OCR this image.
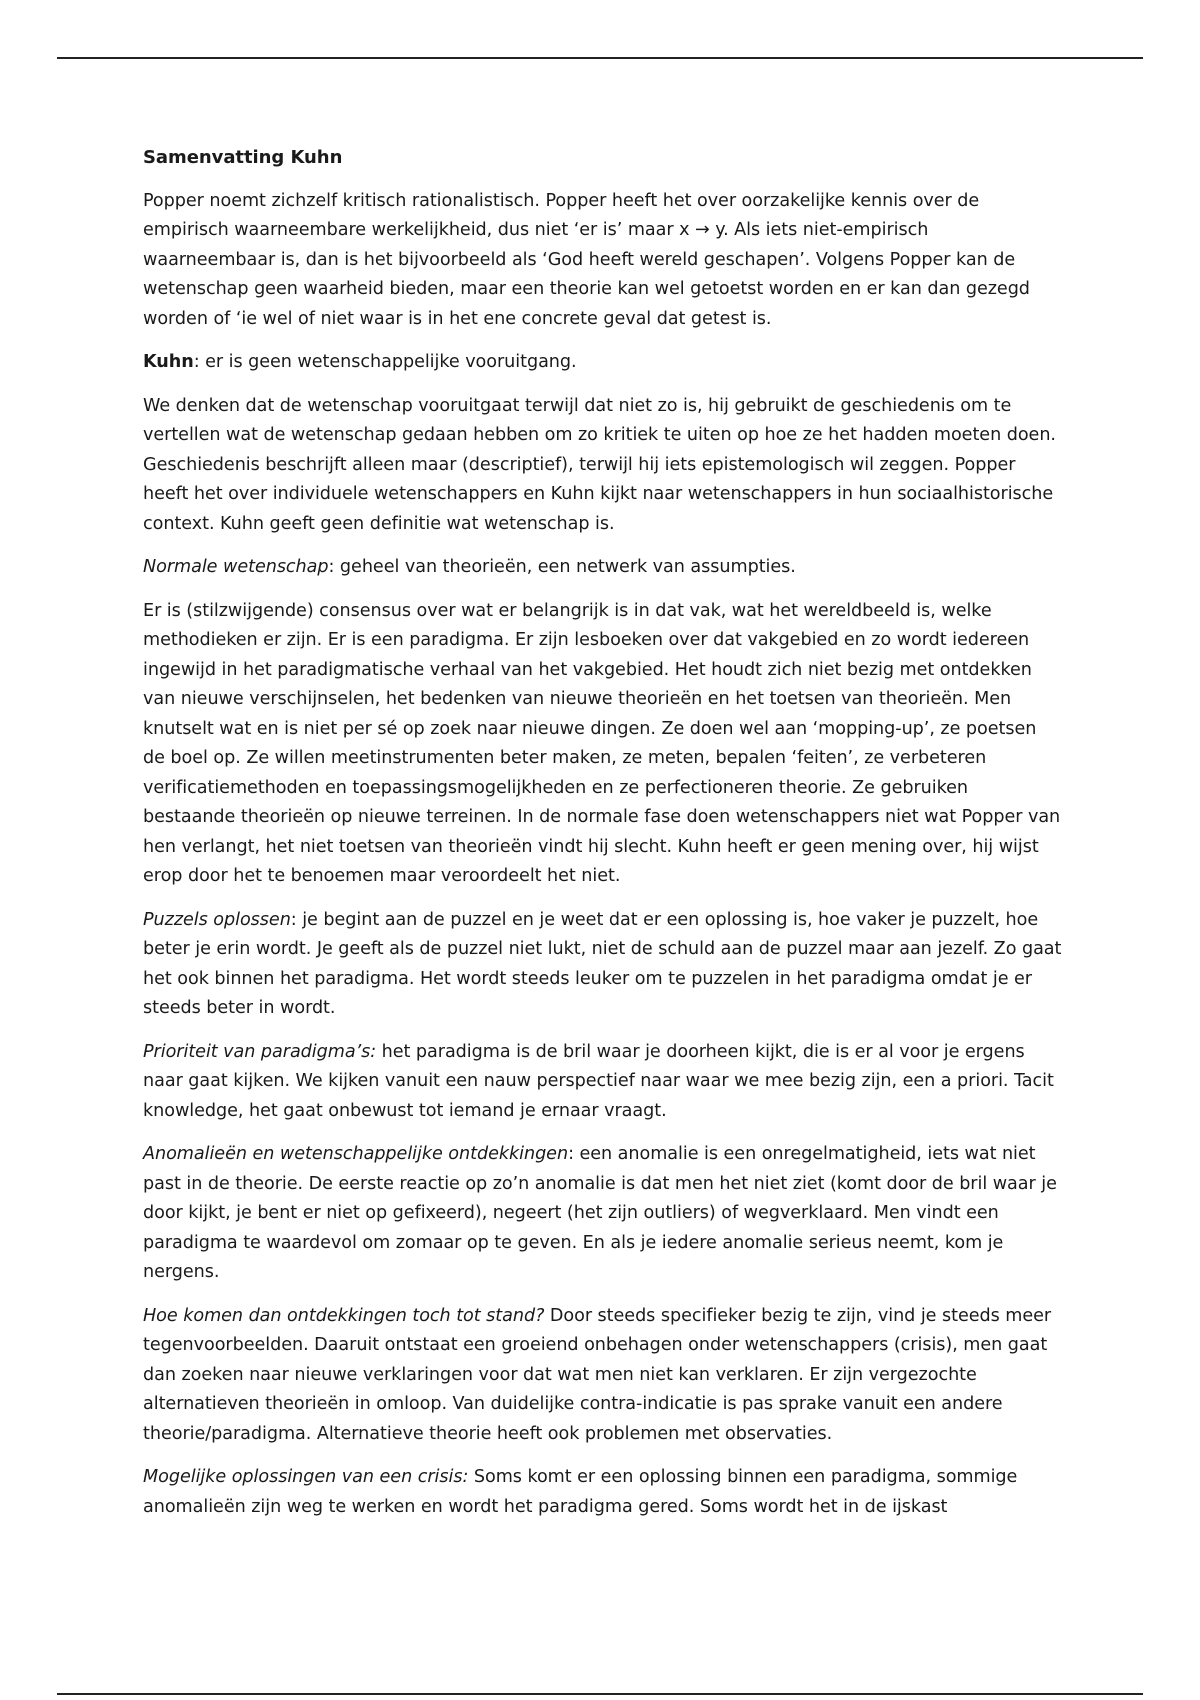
Samenvatting Kuhn

Popper noemt zichzelf kritisch rationalistisch. Popper heeft het over oorzakelijke kennis over de empirisch waarneembare werkelijkheid, dus niet ‘er is’ maar x → y. Als iets niet-empirisch waarneembaar is, dan is het bijvoorbeeld als ‘God heeft wereld geschapen’. Volgens Popper kan de wetenschap geen waarheid bieden, maar een theorie kan wel getoetst worden en er kan dan gezegd worden of ‘ie wel of niet waar is in het ene concrete geval dat getest is.

Kuhn: er is geen wetenschappelijke vooruitgang.

We denken dat de wetenschap vooruitgaat terwijl dat niet zo is, hij gebruikt de geschiedenis om te vertellen wat de wetenschap gedaan hebben om zo kritiek te uiten op hoe ze het hadden moeten doen. Geschiedenis beschrijft alleen maar (descriptief), terwijl hij iets epistemologisch wil zeggen. Popper heeft het over individuele wetenschappers en Kuhn kijkt naar wetenschappers in hun sociaalhistorische context. Kuhn geeft geen definitie wat wetenschap is.

Normale wetenschap: geheel van theorieën, een netwerk van assumpties.

Er is (stilzwijgende) consensus over wat er belangrijk is in dat vak, wat het wereldbeeld is, welke methodieken er zijn. Er is een paradigma. Er zijn lesboeken over dat vakgebied en zo wordt iedereen ingewijd in het paradigmatische verhaal van het vakgebied. Het houdt zich niet bezig met ontdekken van nieuwe verschijnselen, het bedenken van nieuwe theorieën en het toetsen van theorieën. Men knutselt wat en is niet per sé op zoek naar nieuwe dingen. Ze doen wel aan ‘mopping-up’, ze poetsen de boel op. Ze willen meetinstrumenten beter maken, ze meten, bepalen ‘feiten’, ze verbeteren verificatiemethoden en toepassingsmogelijkheden en ze perfectioneren theorie. Ze gebruiken bestaande theorieën op nieuwe terreinen. In de normale fase doen wetenschappers niet wat Popper van hen verlangt, het niet toetsen van theorieën vindt hij slecht. Kuhn heeft er geen mening over, hij wijst erop door het te benoemen maar veroordeelt het niet.

Puzzels oplossen: je begint aan de puzzel en je weet dat er een oplossing is, hoe vaker je puzzelt, hoe beter je erin wordt. Je geeft als de puzzel niet lukt, niet de schuld aan de puzzel maar aan jezelf. Zo gaat het ook binnen het paradigma. Het wordt steeds leuker om te puzzelen in het paradigma omdat je er steeds beter in wordt.

Prioriteit van paradigma’s: het paradigma is de bril waar je doorheen kijkt, die is er al voor je ergens naar gaat kijken. We kijken vanuit een nauw perspectief naar waar we mee bezig zijn, een a priori. Tacit knowledge, het gaat onbewust tot iemand je ernaar vraagt.

Anomalieën en wetenschappelijke ontdekkingen: een anomalie is een onregelmatigheid, iets wat niet past in de theorie. De eerste reactie op zo’n anomalie is dat men het niet ziet (komt door de bril waar je door kijkt, je bent er niet op gefixeerd), negeert (het zijn outliers) of wegverklaard. Men vindt een paradigma te waardevol om zomaar op te geven. En als je iedere anomalie serieus neemt, kom je nergens.

Hoe komen dan ontdekkingen toch tot stand? Door steeds specifieker bezig te zijn, vind je steeds meer tegenvoorbeelden. Daaruit ontstaat een groeiend onbehagen onder wetenschappers (crisis), men gaat dan zoeken naar nieuwe verklaringen voor dat wat men niet kan verklaren. Er zijn vergezochte alternatieven theorieën in omloop. Van duidelijke contra-indicatie is pas sprake vanuit een andere theorie/paradigma. Alternatieve theorie heeft ook problemen met observaties.

Mogelijke oplossingen van een crisis: Soms komt er een oplossing binnen een paradigma, sommige anomalieën zijn weg te werken en wordt het paradigma gered. Soms wordt het in de ijskast
